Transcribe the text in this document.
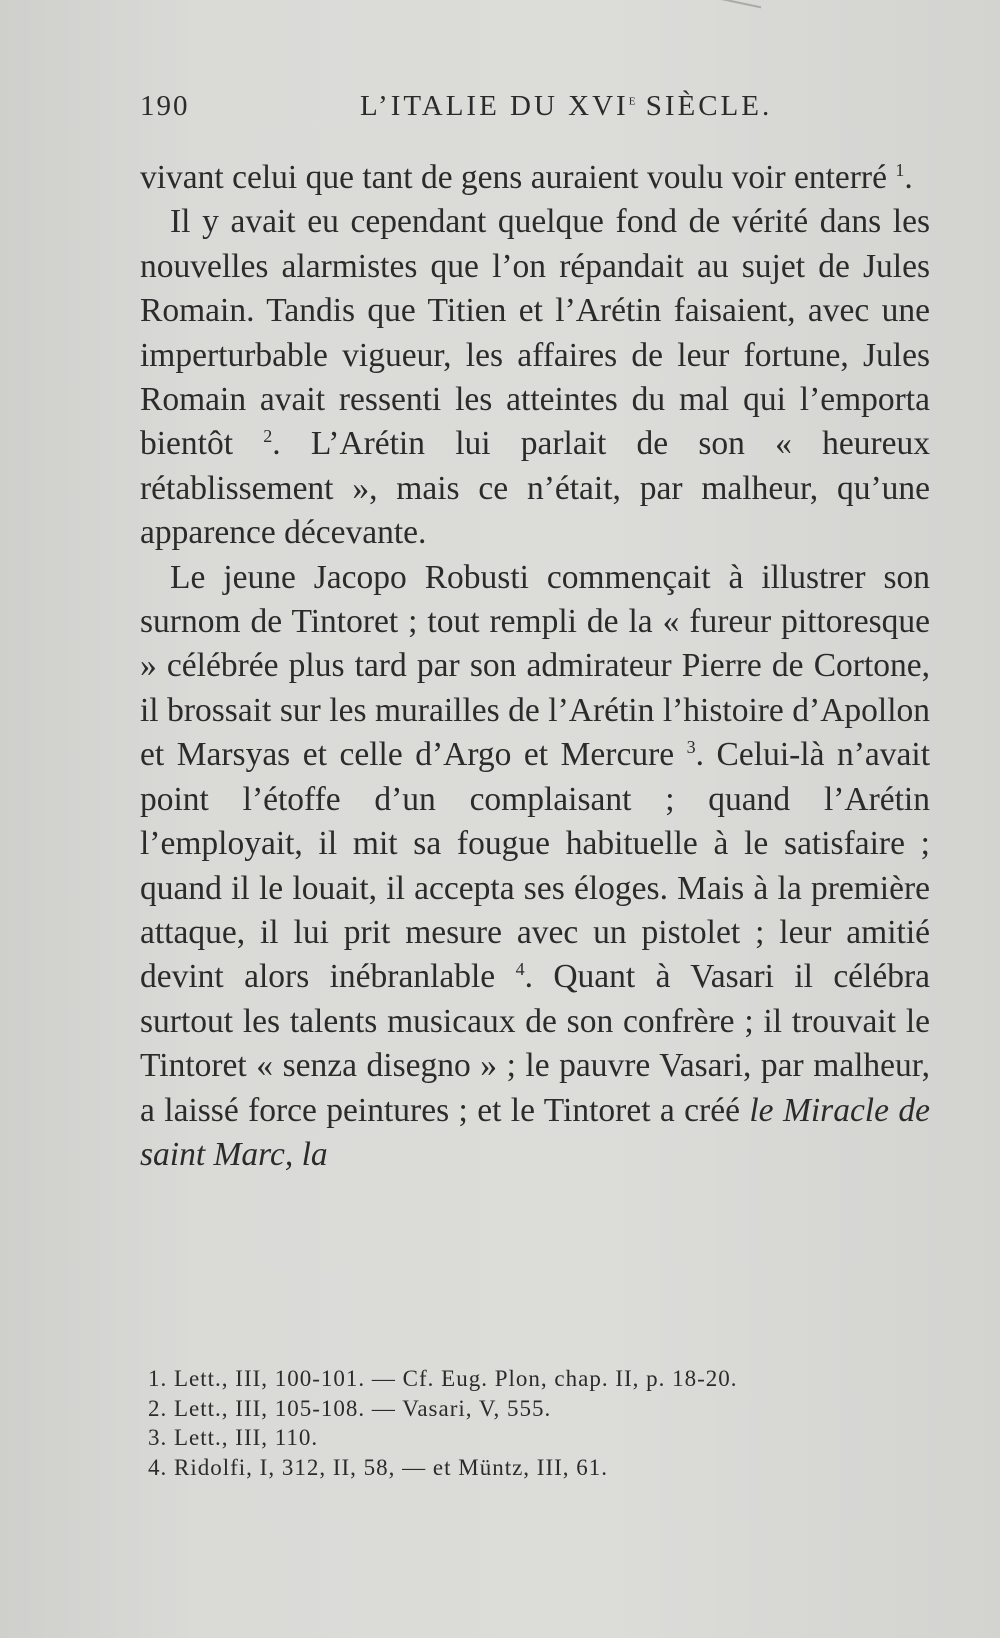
190	L’ITALIE DU XVIe SIÈCLE.

vivant celui que tant de gens auraient voulu voir enterré $^1$.

Il y avait eu cependant quelque fond de vérité dans les nouvelles alarmistes que l’on répandait au sujet de Jules Romain. Tandis que Titien et l’Arétin faisaient, avec une imperturbable vigueur, les affaires de leur fortune, Jules Romain avait ressenti les atteintes du mal qui l’emporta bientôt $^2$. L’Arétin lui parlait de son « heureux rétablissement », mais ce n’était, par malheur, qu’une apparence décevante.

Le jeune Jacopo Robusti commençait à illustrer son surnom de Tintoret ; tout rempli de la « fureur pittoresque » célébrée plus tard par son admirateur Pierre de Cortone, il brossait sur les murailles de l’Arétin l’histoire d’Apollon et Marsyas et celle d’Argo et Mercure $^3$. Celui-là n’avait point l’étoffe d’un complaisant ; quand l’Arétin l’employait, il mit sa fougue habituelle à le satisfaire ; quand il le louait, il accepta ses éloges. Mais à la première attaque, il lui prit mesure avec un pistolet ; leur amitié devint alors inébranlable $^4$. Quant à Vasari il célébra surtout les talents musicaux de son confrère ; il trouvait le Tintoret « senza disegno » ; le pauvre Vasari, par malheur, a laissé force peintures ; et le Tintoret a créé le Miracle de saint Marc, la

1. Lett., III, 100-101. — Cf. Eug. Plon, chap. II, p. 18-20.

2. Lett., III, 105-108. — Vasari, V, 555.

3. Lett., III, 110.

4. Ridolfi, I, 312, II, 58, — et Müntz, III, 61.
